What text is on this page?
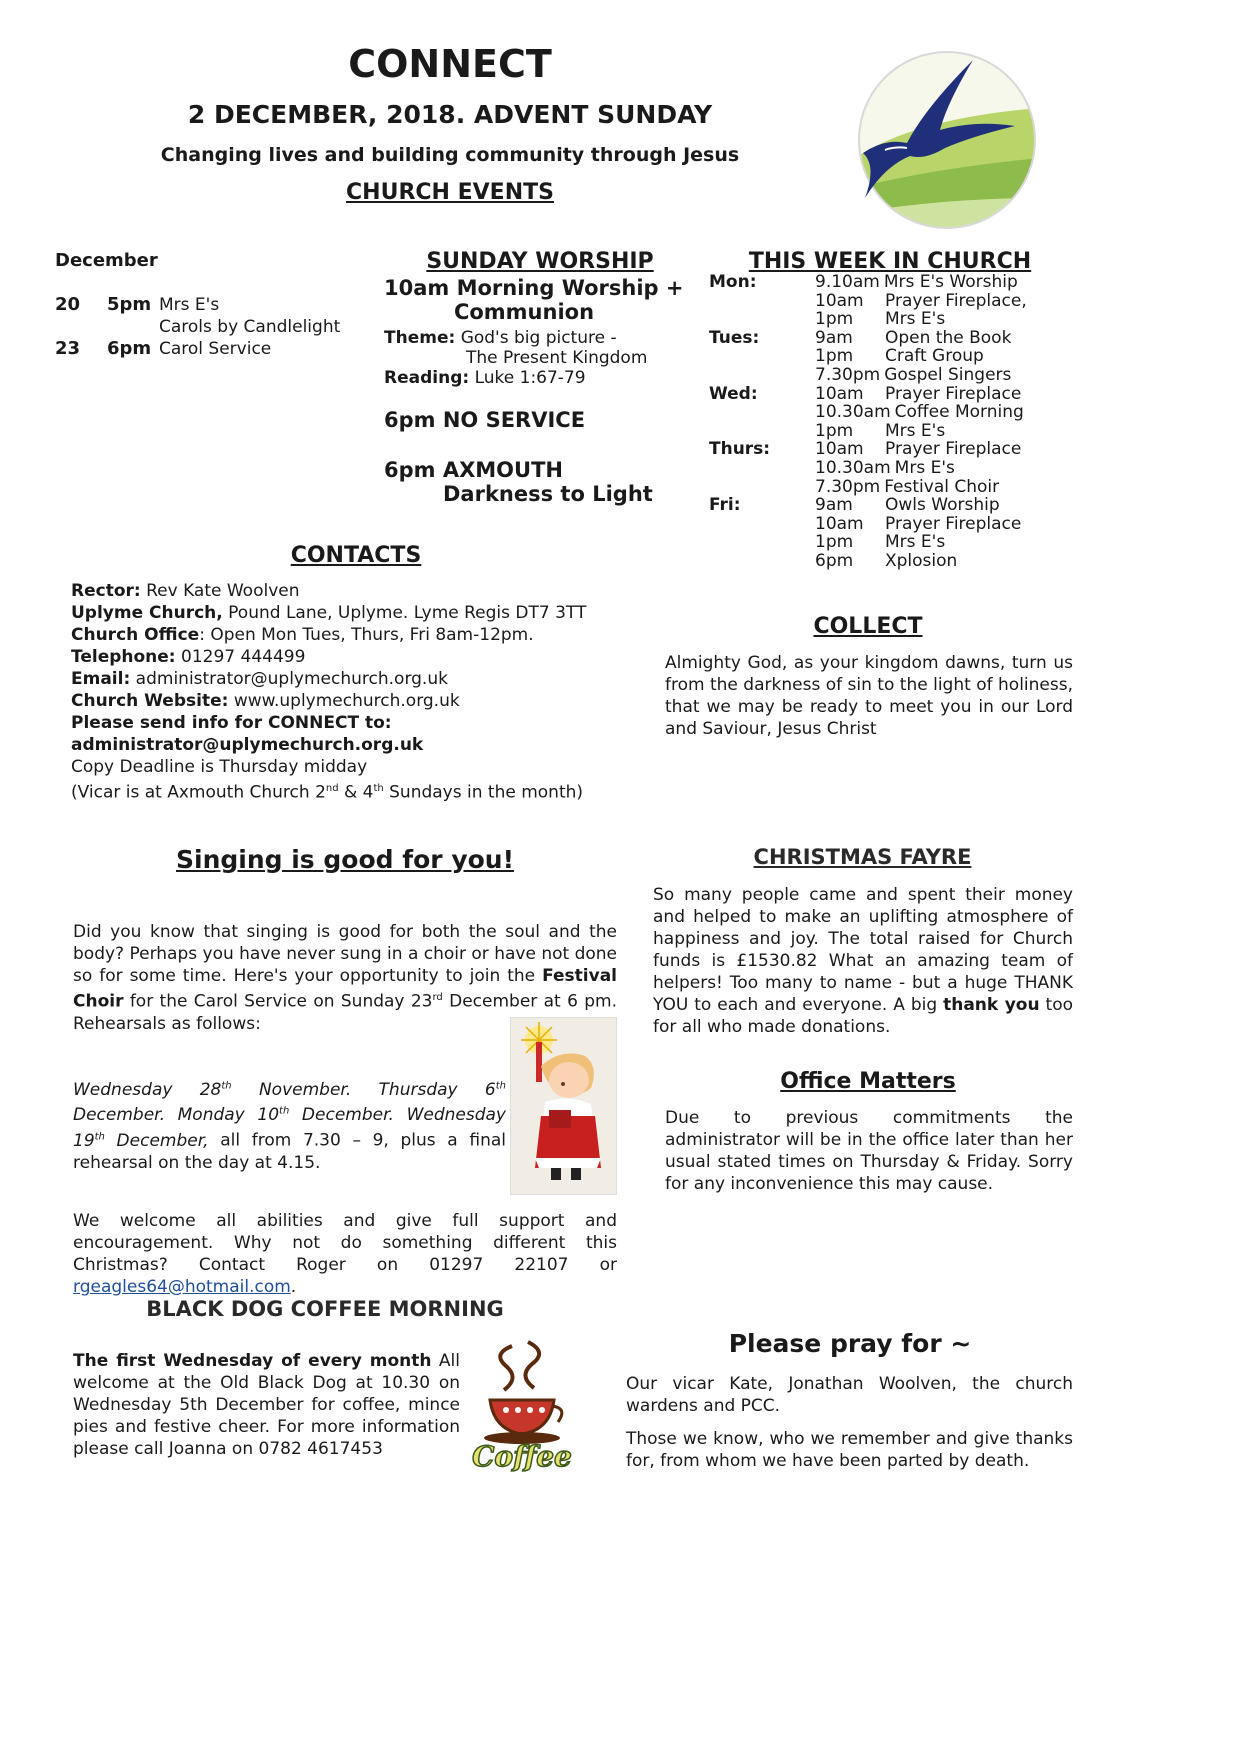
CONNECT
2 DECEMBER, 2018. ADVENT SUNDAY
Changing lives and building community through Jesus
CHURCH EVENTS
December
20	5pm Mrs E's
Carols by Candlelight
23	6pm Carol Service
SUNDAY WORSHIP
10am Morning Worship +
Communion
Theme: God's big picture -
The Present Kingdom
Reading: Luke 1:67-79
6pm NO SERVICE
6pm AXMOUTH
Darkness to Light
THIS WEEK IN CHURCH
Mon:	9.10am Mrs E's Worship
10am	Prayer Fireplace,
1pm	Mrs E's
Tues:	9am	Open the Book
1pm	Craft Group
7.30pm Gospel Singers
Wed:	10am	Prayer Fireplace
10.30am Coffee Morning
1pm	Mrs E's
Thurs:	10am	Prayer Fireplace
10.30am Mrs E's
7.30pm Festival Choir
Fri:	9am	Owls Worship
10am	Prayer Fireplace
1pm	Mrs E's
6pm	Xplosion
CONTACTS
Rector: Rev Kate Woolven
Uplyme Church, Pound Lane, Uplyme. Lyme Regis DT7 3TT
Church Office: Open Mon Tues, Thurs, Fri 8am-12pm.
Telephone: 01297 444499
Email: administrator@uplymechurch.org.uk
Church Website: www.uplymechurch.org.uk
Please send info for CONNECT to:
administrator@uplymechurch.org.uk
Copy Deadline is Thursday midday
(Vicar is at Axmouth Church 2nd & 4th Sundays in the month)
COLLECT
Almighty God, as your kingdom dawns, turn us from the darkness of sin to the light of holiness, that we may be ready to meet you in our Lord and Saviour, Jesus Christ
Singing is good for you!
Did you know that singing is good for both the soul and the body? Perhaps you have never sung in a choir or have not done so for some time. Here's your opportunity to join the Festival Choir for the Carol Service on Sunday 23rd December at 6 pm. Rehearsals as follows:
Wednesday 28th November. Thursday 6th December. Monday 10th December. Wednesday 19th December, all from 7.30 – 9, plus a final rehearsal on the day at 4.15.
We welcome all abilities and give full support and encouragement. Why not do something different this Christmas? Contact Roger on 01297 22107 or rgeagles64@hotmail.com.
BLACK DOG COFFEE MORNING
The first Wednesday of every month All welcome at the Old Black Dog at 10.30 on Wednesday 5th December for coffee, mince pies and festive cheer. For more information please call Joanna on 0782 4617453	Coffee
CHRISTMAS FAYRE
So many people came and spent their money and helped to make an uplifting atmosphere of happiness and joy. The total raised for Church funds is £1530.82 What an amazing team of helpers! Too many to name - but a huge THANK YOU to each and everyone. A big thank you too for all who made donations.
Office Matters
Due to previous commitments the administrator will be in the office later than her usual stated times on Thursday & Friday. Sorry for any inconvenience this may cause.
Please pray for ~
Our vicar Kate, Jonathan Woolven, the church wardens and PCC.
Those we know, who we remember and give thanks for, from whom we have been parted by death.
